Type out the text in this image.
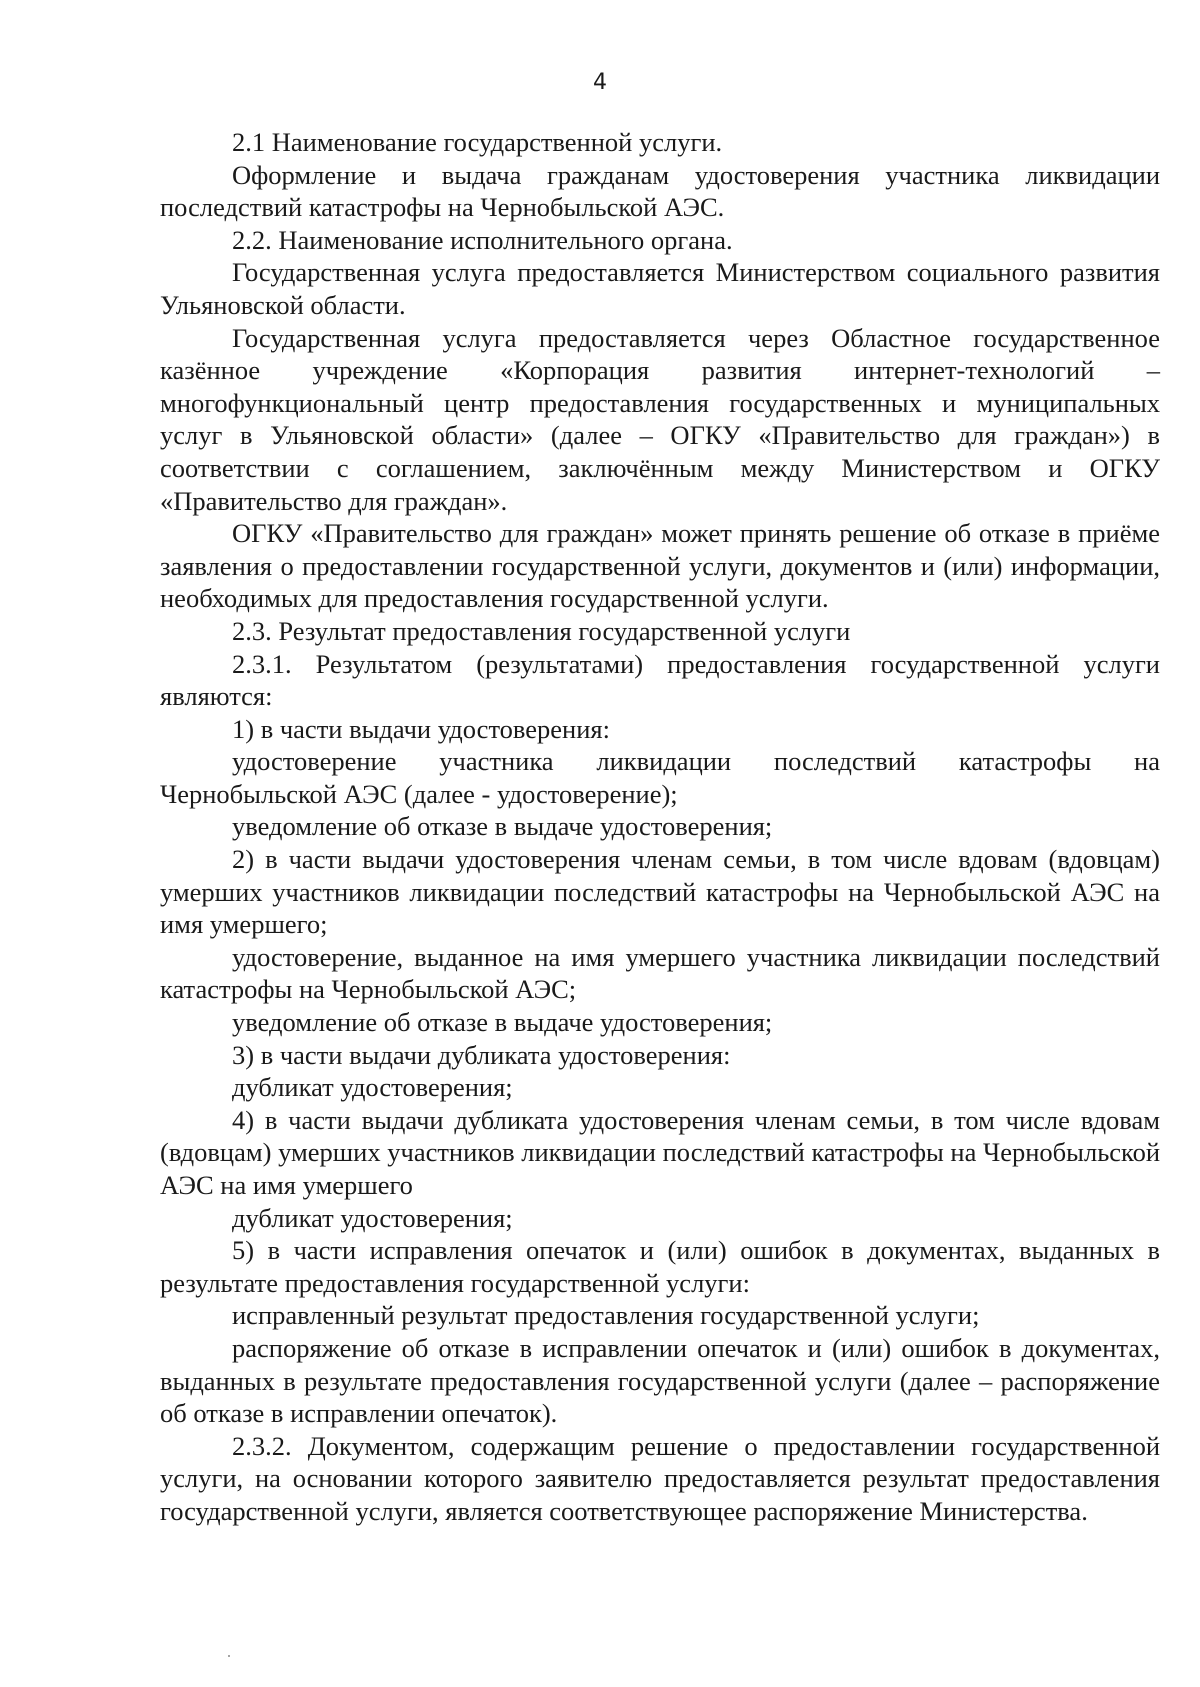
4

2.1 Наименование государственной услуги.

Оформление и выдача гражданам удостоверения участника ликвидации последствий катастрофы на Чернобыльской АЭС.

2.2. Наименование исполнительного органа.

Государственная услуга предоставляется Министерством социального развития Ульяновской области.

Государственная услуга предоставляется через Областное государственное казённое учреждение «Корпорация развития интернет-технологий – многофункциональный центр предоставления государственных и муниципальных услуг в Ульяновской области» (далее – ОГКУ «Правительство для граждан») в соответствии с соглашением, заключённым между Министерством и ОГКУ «Правительство для граждан».

ОГКУ «Правительство для граждан» может принять решение об отказе в приёме заявления о предоставлении государственной услуги, документов и (или) информации, необходимых для предоставления государственной услуги.

2.3. Результат предоставления государственной услуги

2.3.1. Результатом (результатами) предоставления государственной услуги являются:

1) в части выдачи удостоверения:

удостоверение участника ликвидации последствий катастрофы на Чернобыльской АЭС (далее - удостоверение);

уведомление об отказе в выдаче удостоверения;

2) в части выдачи удостоверения членам семьи, в том числе вдовам (вдовцам) умерших участников ликвидации последствий катастрофы на Чернобыльской АЭС на имя умершего;

удостоверение, выданное на имя умершего участника ликвидации последствий катастрофы на Чернобыльской АЭС;

уведомление об отказе в выдаче удостоверения;

3) в части выдачи дубликата удостоверения:

дубликат удостоверения;

4) в части выдачи дубликата удостоверения членам семьи, в том числе вдовам (вдовцам) умерших участников ликвидации последствий катастрофы на Чернобыльской АЭС на имя умершего

дубликат удостоверения;

5) в части исправления опечаток и (или) ошибок в документах, выданных в результате предоставления государственной услуги:

исправленный результат предоставления государственной услуги;

распоряжение об отказе в исправлении опечаток и (или) ошибок в документах, выданных в результате предоставления государственной услуги (далее – распоряжение об отказе в исправлении опечаток).

2.3.2. Документом, содержащим решение о предоставлении государственной услуги, на основании которого заявителю предоставляется результат предоставления государственной услуги, является соответствующее распоряжение Министерства.
